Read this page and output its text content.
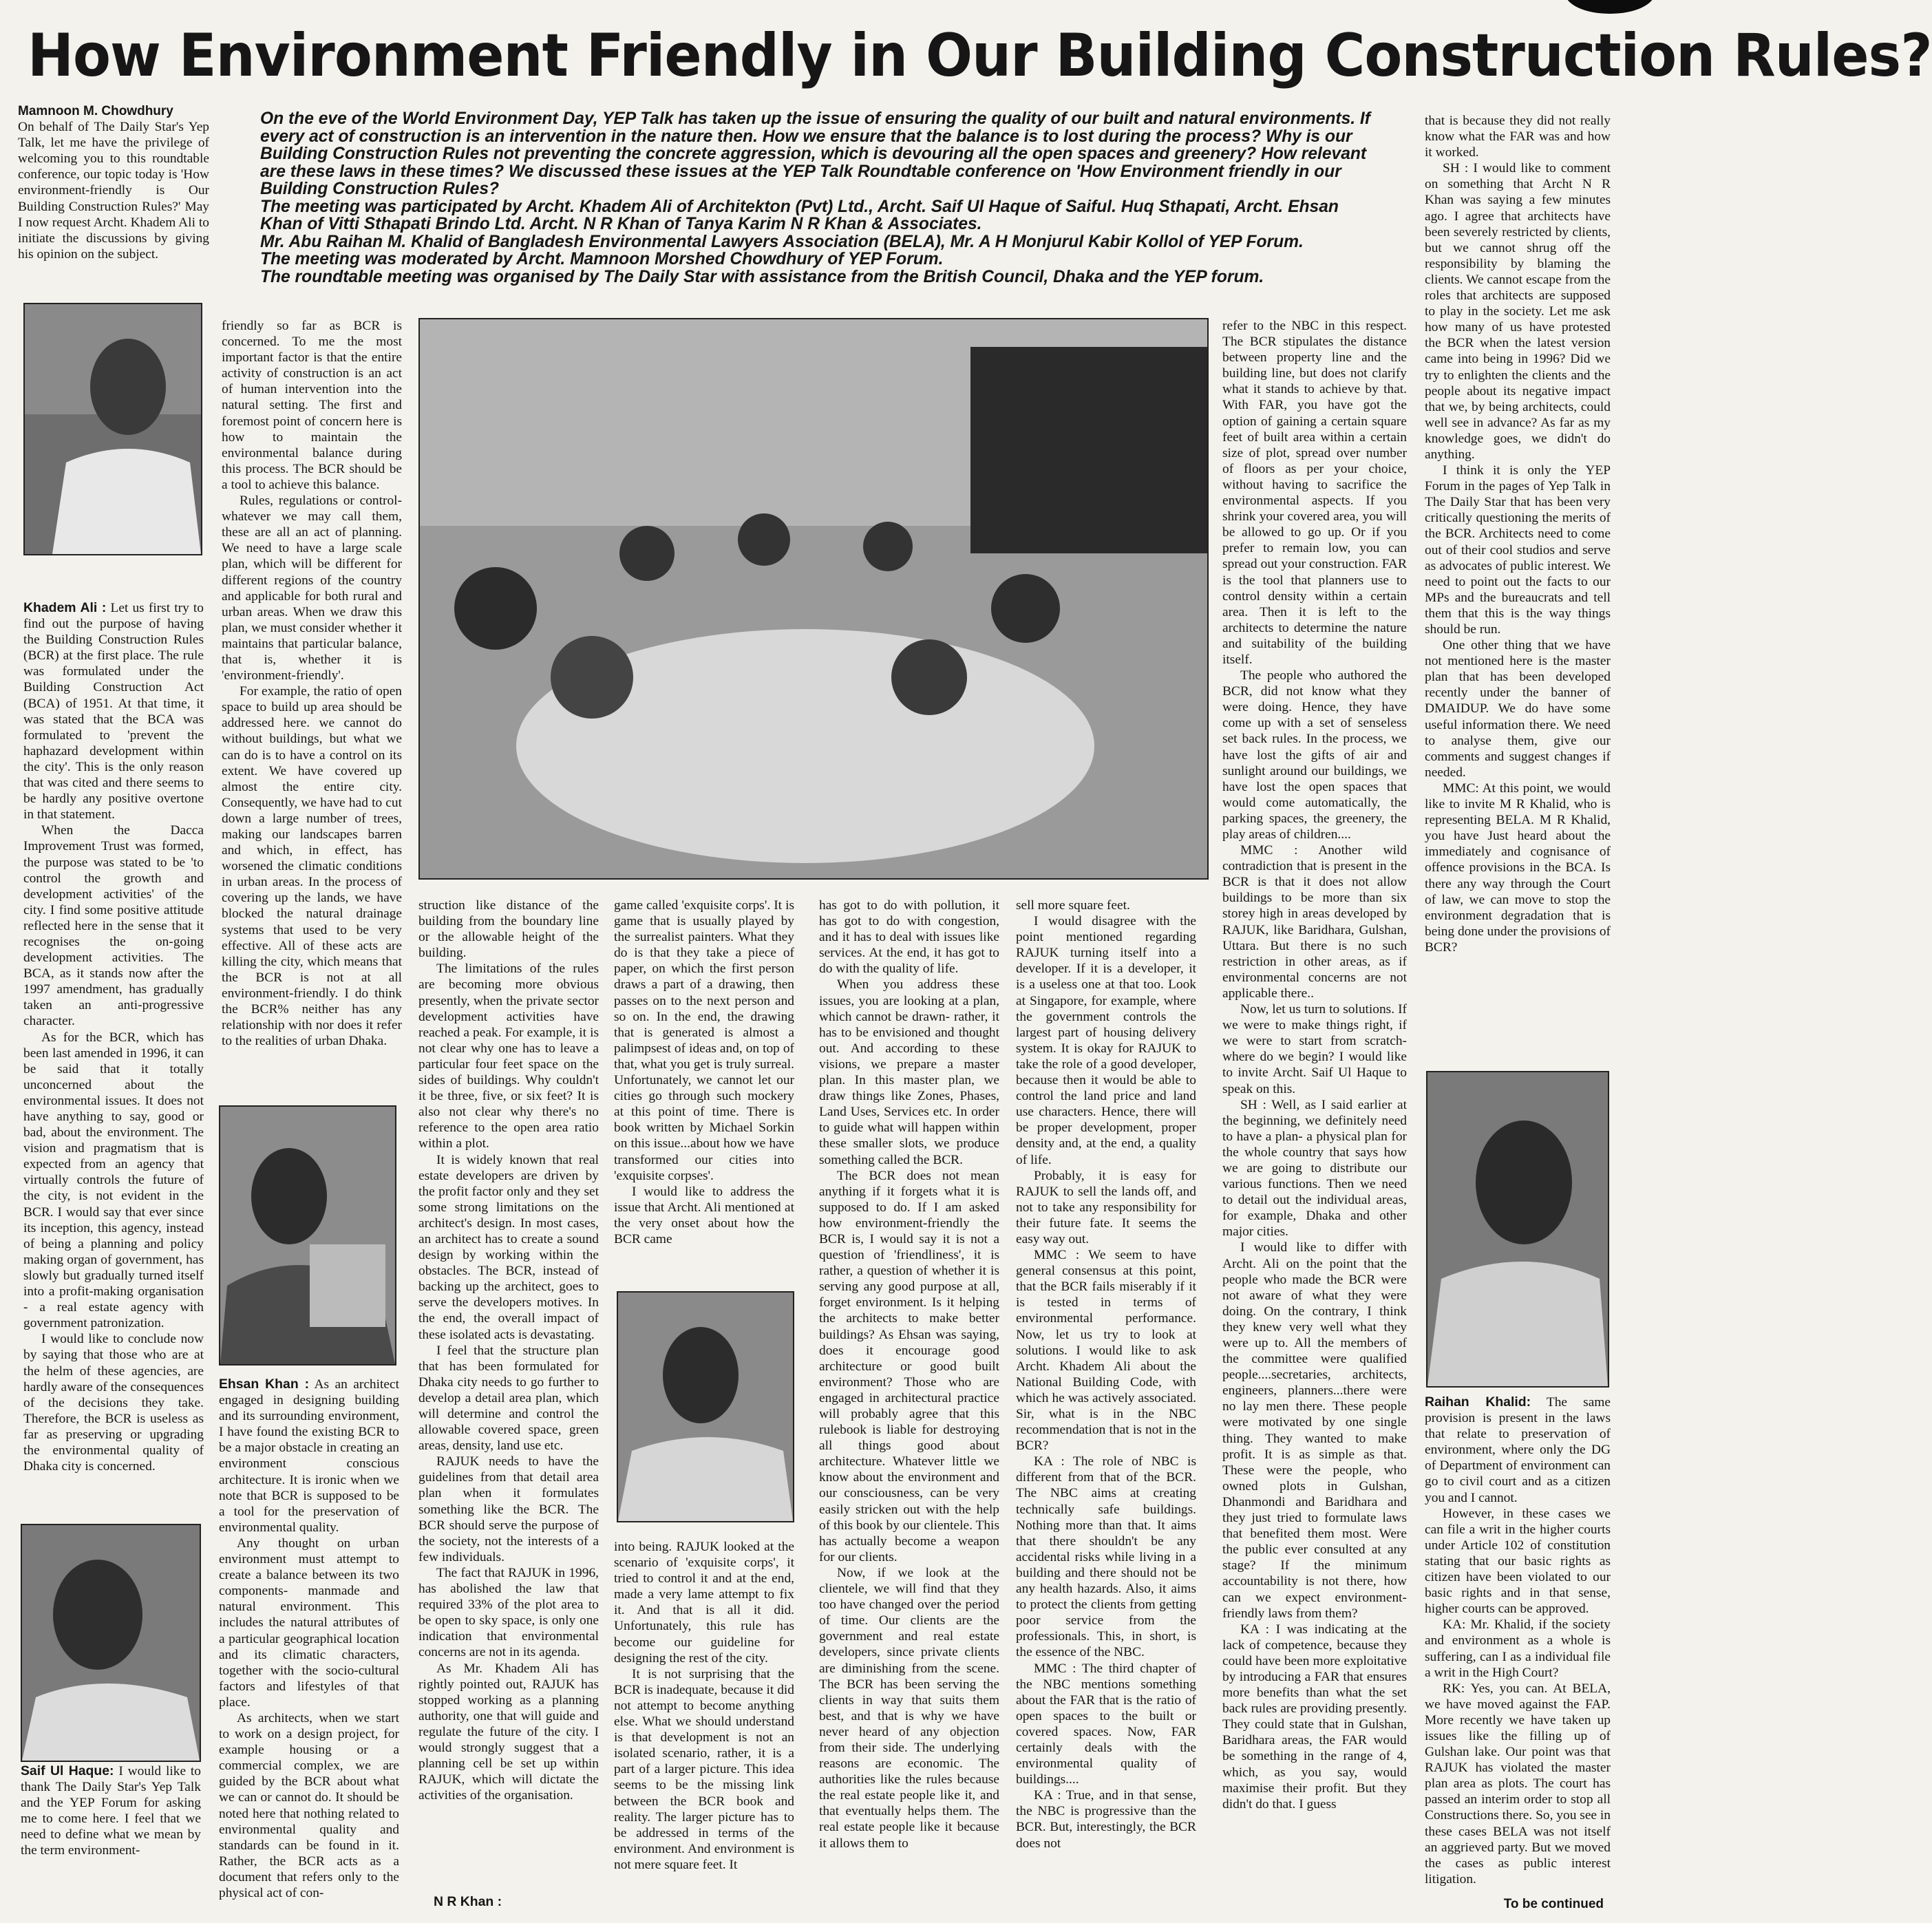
How Environment Friendly in Our Building Construction Rules?
Mamnoon M. Chowdhury

On behalf of The Daily Star's Yep Talk, let me have the privilege of welcoming you to this roundtable conference, our topic today is 'How environment-friendly is Our Building Construction Rules?' May I now request Archt. Khadem Ali to initiate the discussions by giving his opinion on the subject.

On the eve of the World Environment Day, YEP Talk has taken up the issue of ensuring the quality of our built and natural environments. If every act of construction is an intervention in the nature then. How we ensure that the balance is to lost during the process? Why is our Building Construction Rules not preventing the concrete aggression, which is devouring all the open spaces and greenery? How relevant are these laws in these times? We discussed these issues at the YEP Talk Roundtable conference on 'How Environment friendly in our Building Construction Rules?

The meeting was participated by Archt. Khadem Ali of Architekton (Pvt) Ltd., Archt. Saif Ul Haque of Saiful. Huq Sthapati, Archt. Ehsan Khan of Vitti Sthapati Brindo Ltd. Archt. N R Khan of Tanya Karim N R Khan & Associates.

Mr. Abu Raihan M. Khalid of Bangladesh Environmental Lawyers Association (BELA), Mr. A H Monjurul Kabir Kollol of YEP Forum.

The meeting was moderated by Archt. Mamnoon Morshed Chowdhury of YEP Forum.

The roundtable meeting was organised by The Daily Star with assistance from the British Council, Dhaka and the YEP forum.

Khadem Ali : Let us first try to find out the purpose of having the Building Construction Rules (BCR) at the first place. The rule was formulated under the Building Construction Act (BCA) of 1951. At that time, it was stated that the BCA was formulated to 'prevent the haphazard development within the city'. This is the only reason that was cited and there seems to be hardly any positive overtone in that statement.

When the Dacca Improvement Trust was formed, the purpose was stated to be 'to control the growth and development activities' of the city. I find some positive attitude reflected here in the sense that it recognises the on-going development activities. The BCA, as it stands now after the 1997 amendment, has gradually taken an anti-progressive character.

As for the BCR, which has been last amended in 1996, it can be said that it totally unconcerned about the environmental issues. It does not have anything to say, good or bad, about the environment. The vision and pragmatism that is expected from an agency that virtually controls the future of the city, is not evident in the BCR. I would say that ever since its inception, this agency, instead of being a planning and policy making organ of government, has slowly but gradually turned itself into a profit-making organisation - a real estate agency with government patronization.

I would like to conclude now by saying that those who are at the helm of these agencies, are hardly aware of the consequences of the decisions they take. Therefore, the BCR is useless as far as preserving or upgrading the environmental quality of Dhaka city is concerned.

Saif Ul Haque: I would like to thank The Daily Star's Yep Talk and the YEP Forum for asking me to come here. I feel that we need to define what we mean by the term environment-

friendly so far as BCR is concerned. To me the most important factor is that the entire activity of construction is an act of human intervention into the natural setting. The first and foremost point of concern here is how to maintain the environmental balance during this process. The BCR should be a tool to achieve this balance.

Rules, regulations or control- whatever we may call them, these are all an act of planning. We need to have a large scale plan, which will be different for different regions of the country and applicable for both rural and urban areas. When we draw this plan, we must consider whether it maintains that particular balance, that is, whether it is 'environment-friendly'.

For example, the ratio of open space to build up area should be addressed here. we cannot do without buildings, but what we can do is to have a control on its extent. We have covered up almost the entire city. Consequently, we have had to cut down a large number of trees, making our landscapes barren and which, in effect, has worsened the climatic conditions in urban areas. In the process of covering up the lands, we have blocked the natural drainage systems that used to be very effective. All of these acts are killing the city, which means that the BCR is not at all environment-friendly. I do think the BCR% neither has any relationship with nor does it refer to the realities of urban Dhaka.

Ehsan Khan : As an architect engaged in designing building and its surrounding environment, I have found the existing BCR to be a major obstacle in creating an environment conscious architecture. It is ironic when we note that BCR is supposed to be a tool for the preservation of environmental quality.

Any thought on urban environment must attempt to create a balance between its two components- manmade and natural environment. This includes the natural attributes of a particular geographical location and its climatic characters, together with the socio-cultural factors and lifestyles of that place.

As architects, when we start to work on a design project, for example housing or a commercial complex, we are guided by the BCR about what we can or cannot do. It should be noted here that nothing related to environmental quality and standards can be found in it. Rather, the BCR acts as a document that refers only to the physical act of con-

struction like distance of the building from the boundary line or the allowable height of the building.

The limitations of the rules are becoming more obvious presently, when the private sector development activities have reached a peak. For example, it is not clear why one has to leave a particular four feet space on the sides of buildings. Why couldn't it be three, five, or six feet? It is also not clear why there's no reference to the open area ratio within a plot.

It is widely known that real estate developers are driven by the profit factor only and they set some strong limitations on the architect's design. In most cases, an architect has to create a sound design by working within the obstacles. The BCR, instead of backing up the architect, goes to serve the developers motives. In the end, the overall impact of these isolated acts is devastating.

I feel that the structure plan that has been formulated for Dhaka city needs to go further to develop a detail area plan, which will determine and control the allowable covered space, green areas, density, land use etc.

RAJUK needs to have the guidelines from that detail area plan when it formulates something like the BCR. The BCR should serve the purpose of the society, not the interests of a few individuals.

The fact that RAJUK in 1996, has abolished the law that required 33% of the plot area to be open to sky space, is only one indication that environmental concerns are not in its agenda.

As Mr. Khadem Ali has rightly pointed out, RAJUK has stopped working as a planning authority, one that will guide and regulate the future of the city. I would strongly suggest that a planning cell be set up within RAJUK, which will dictate the activities of the organisation.

N R Khan :

game called 'exquisite corps'. It is game that is usually played by the surrealist painters. What they do is that they take a piece of paper, on which the first person draws a part of a drawing, then passes on to the next person and so on. In the end, the drawing that is generated is almost a palimpsest of ideas and, on top of that, what you get is truly surreal. Unfortunately, we cannot let our cities go through such mockery at this point of time. There is book written by Michael Sorkin on this issue...about how we have transformed our cities into 'exquisite corpses'.

I would like to address the issue that Archt. Ali mentioned at the very onset about how the BCR came

into being. RAJUK looked at the scenario of 'exquisite corps', it tried to control it and at the end, made a very lame attempt to fix it. And that is all it did. Unfortunately, this rule has become our guideline for designing the rest of the city.

It is not surprising that the BCR is inadequate, because it did not attempt to become anything else. What we should understand is that development is not an isolated scenario, rather, it is a part of a larger picture. This idea seems to be the missing link between the BCR book and reality. The larger picture has to be addressed in terms of the environment. And environment is not mere square feet. It

has got to do with pollution, it has got to do with congestion, and it has to deal with issues like services. At the end, it has got to do with the quality of life.

When you address these issues, you are looking at a plan, which cannot be drawn- rather, it has to be envisioned and thought out. And according to these visions, we prepare a master plan. In this master plan, we draw things like Zones, Phases, Land Uses, Services etc. In order to guide what will happen within these smaller slots, we produce something called the BCR.

The BCR does not mean anything if it forgets what it is supposed to do. If I am asked how environment-friendly the BCR is, I would say it is not a question of 'friendliness', it is rather, a question of whether it is serving any good purpose at all, forget environment. Is it helping the architects to make better buildings? As Ehsan was saying, does it encourage good architecture or good built environment? Those who are engaged in architectural practice will probably agree that this rulebook is liable for destroying all things good about architecture. Whatever little we know about the environment and our consciousness, can be very easily stricken out with the help of this book by our clientele. This has actually become a weapon for our clients.

Now, if we look at the clientele, we will find that they too have changed over the period of time. Our clients are the government and real estate developers, since private clients are diminishing from the scene. The BCR has been serving the clients in way that suits them best, and that is why we have never heard of any objection from their side. The underlying reasons are economic. The authorities like the rules because the real estate people like it, and that eventually helps them. The real estate people like it because it allows them to

sell more square feet.

I would disagree with the point mentioned regarding RAJUK turning itself into a developer. If it is a developer, it is a useless one at that too. Look at Singapore, for example, where the government controls the largest part of housing delivery system. It is okay for RAJUK to take the role of a good developer, because then it would be able to control the land price and land use characters. Hence, there will be proper development, proper density and, at the end, a quality of life.

Probably, it is easy for RAJUK to sell the lands off, and not to take any responsibility for their future fate. It seems the easy way out.

MMC : We seem to have general consensus at this point, that the BCR fails miserably if it is tested in terms of environmental performance. Now, let us try to look at solutions. I would like to ask Archt. Khadem Ali about the National Building Code, with which he was actively associated. Sir, what is in the NBC recommendation that is not in the BCR?

KA : The role of NBC is different from that of the BCR. The NBC aims at creating technically safe buildings. Nothing more than that. It aims that there shouldn't be any accidental risks while living in a building and there should not be any health hazards. Also, it aims to protect the clients from getting poor service from the professionals. This, in short, is the essence of the NBC.

MMC : The third chapter of the NBC mentions something about the FAR that is the ratio of open spaces to the built or covered spaces. Now, FAR certainly deals with the environmental quality of buildings....

KA : True, and in that sense, the NBC is progressive than the BCR. But, interestingly, the BCR does not

refer to the NBC in this respect. The BCR stipulates the distance between property line and the building line, but does not clarify what it stands to achieve by that. With FAR, you have got the option of gaining a certain square feet of built area within a certain size of plot, spread over number of floors as per your choice, without having to sacrifice the environmental aspects. If you shrink your covered area, you will be allowed to go up. Or if you prefer to remain low, you can spread out your construction. FAR is the tool that planners use to control density within a certain area. Then it is left to the architects to determine the nature and suitability of the building itself.

The people who authored the BCR, did not know what they were doing. Hence, they have come up with a set of senseless set back rules. In the process, we have lost the gifts of air and sunlight around our buildings, we have lost the open spaces that would come automatically, the parking spaces, the greenery, the play areas of children....

MMC : Another wild contradiction that is present in the BCR is that it does not allow buildings to be more than six storey high in areas developed by RAJUK, like Baridhara, Gulshan, Uttara. But there is no such restriction in other areas, as if environmental concerns are not applicable there..

Now, let us turn to solutions. If we were to make things right, if we were to start from scratch- where do we begin? I would like to invite Archt. Saif Ul Haque to speak on this.

SH : Well, as I said earlier at the beginning, we definitely need to have a plan- a physical plan for the whole country that says how we are going to distribute our various functions. Then we need to detail out the individual areas, for example, Dhaka and other major cities.

I would like to differ with Archt. Ali on the point that the people who made the BCR were not aware of what they were doing. On the contrary, I think they knew very well what they were up to. All the members of the committee were qualified people....secretaries, architects, engineers, planners...there were no lay men there. These people were motivated by one single thing. They wanted to make profit. It is as simple as that. These were the people, who owned plots in Gulshan, Dhanmondi and Baridhara and they just tried to formulate laws that benefited them most. Were the public ever consulted at any stage? If the minimum accountability is not there, how can we expect environment-friendly laws from them?

KA : I was indicating at the lack of competence, because they could have been more exploitative by introducing a FAR that ensures more benefits than what the set back rules are providing presently. They could state that in Gulshan, Baridhara areas, the FAR would be something in the range of 4, which, as you say, would maximise their profit. But they didn't do that. I guess

that is because they did not really know what the FAR was and how it worked.

SH : I would like to comment on something that Archt N R Khan was saying a few minutes ago. I agree that architects have been severely restricted by clients, but we cannot shrug off the responsibility by blaming the clients. We cannot escape from the roles that architects are supposed to play in the society. Let me ask how many of us have protested the BCR when the latest version came into being in 1996? Did we try to enlighten the clients and the people about its negative impact that we, by being architects, could well see in advance? As far as my knowledge goes, we didn't do anything.

I think it is only the YEP Forum in the pages of Yep Talk in The Daily Star that has been very critically questioning the merits of the BCR. Architects need to come out of their cool studios and serve as advocates of public interest. We need to point out the facts to our MPs and the bureaucrats and tell them that this is the way things should be run.

One other thing that we have not mentioned here is the master plan that has been developed recently under the banner of DMAIDUP. We do have some useful information there. We need to analyse them, give our comments and suggest changes if needed.

MMC: At this point, we would like to invite M R Khalid, who is representing BELA. M R Khalid, you have Just heard about the immediately and cognisance of offence provisions in the BCA. Is there any way through the Court of law, we can move to stop the environment degradation that is being done under the provisions of BCR?

Raihan Khalid: The same provision is present in the laws that relate to preservation of environment, where only the DG of Department of environment can go to civil court and as a citizen you and I cannot.

However, in these cases we can file a writ in the higher courts under Article 102 of constitution stating that our basic rights as citizen have been violated to our basic rights and in that sense, higher courts can be approved.

KA: Mr. Khalid, if the society and environment as a whole is suffering, can I as a individual file a writ in the High Court?

RK: Yes, you can. At BELA, we have moved against the FAP. More recently we have taken up issues like the filling up of Gulshan lake. Our point was that RAJUK has violated the master plan area as plots. The court has passed an interim order to stop all Constructions there. So, you see in these cases BELA was not itself an aggrieved party. But we moved the cases as public interest litigation.

To be continued
